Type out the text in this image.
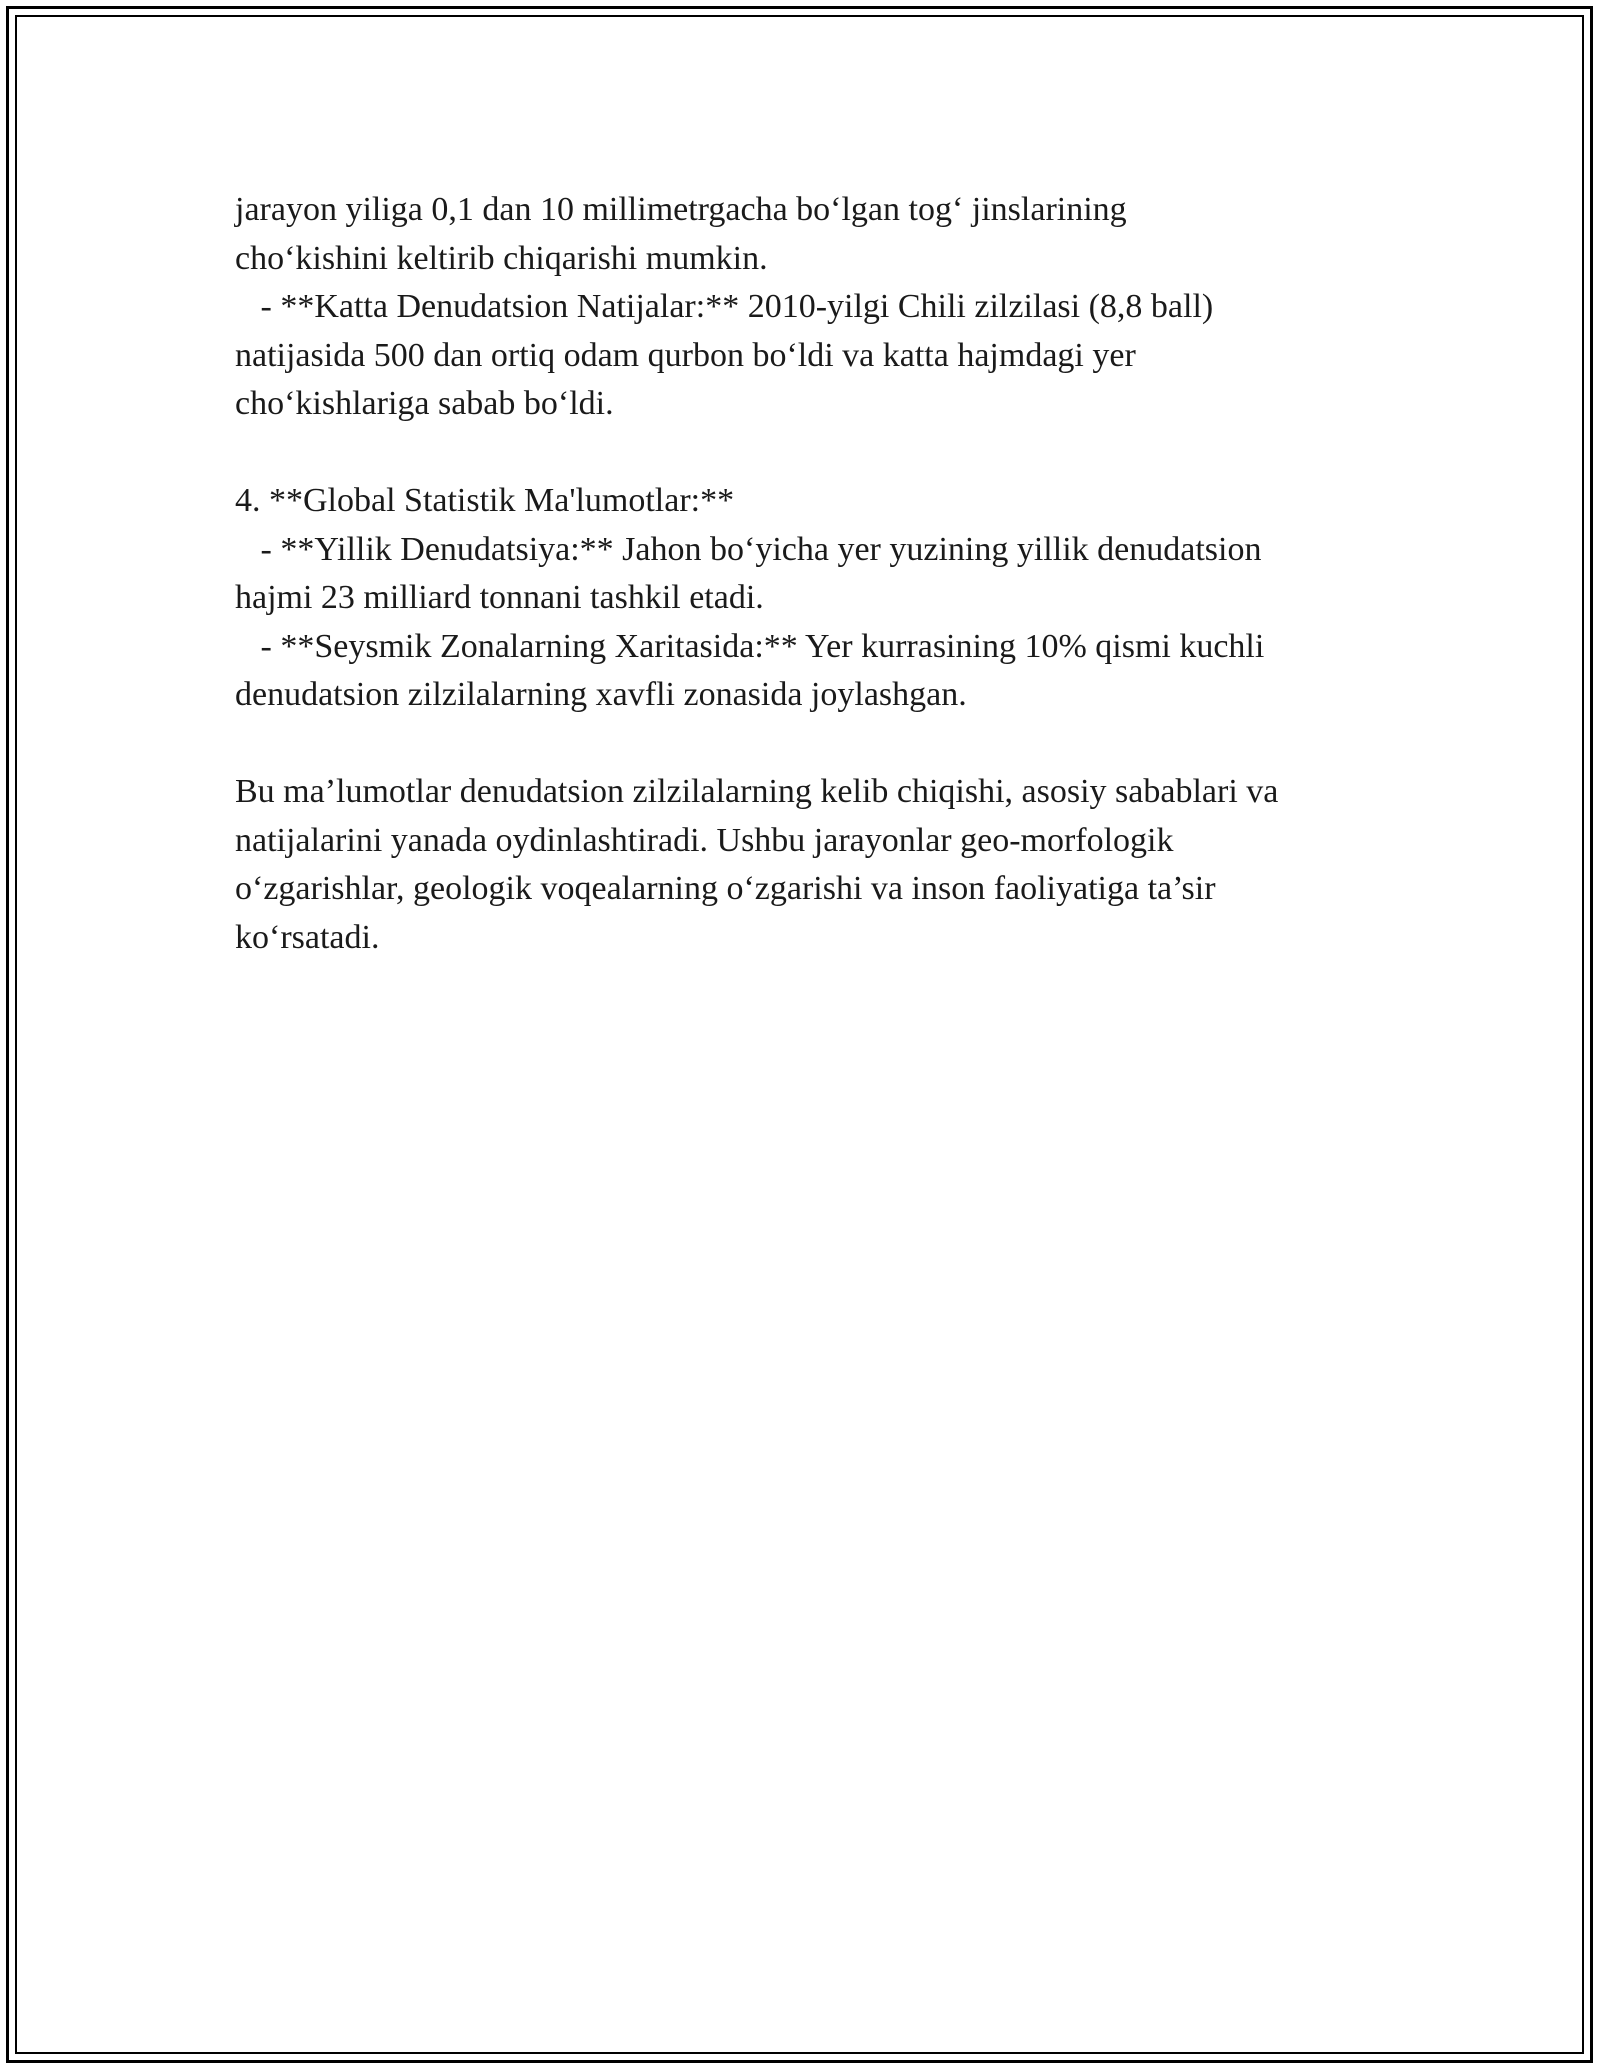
jarayon yiliga 0,1 dan 10 millimetrgacha bo‘lgan tog‘ jinslarining
cho‘kishini keltirib chiqarishi mumkin.
- **Katta Denudatsion Natijalar:** 2010-yilgi Chili zilzilasi (8,8 ball)
natijasida 500 dan ortiq odam qurbon bo‘ldi va katta hajmdagi yer
cho‘kishlariga sabab bo‘ldi.
4. **Global Statistik Ma'lumotlar:**
- **Yillik Denudatsiya:** Jahon bo‘yicha yer yuzining yillik denudatsion
hajmi 23 milliard tonnani tashkil etadi.
- **Seysmik Zonalarning Xaritasida:** Yer kurrasining 10% qismi kuchli
denudatsion zilzilalarning xavfli zonasida joylashgan.
Bu ma’lumotlar denudatsion zilzilalarning kelib chiqishi, asosiy sabablari va
natijalarini yanada oydinlashtiradi. Ushbu jarayonlar geo-morfologik
o‘zgarishlar, geologik voqealarning o‘zgarishi va inson faoliyatiga ta’sir
ko‘rsatadi.
